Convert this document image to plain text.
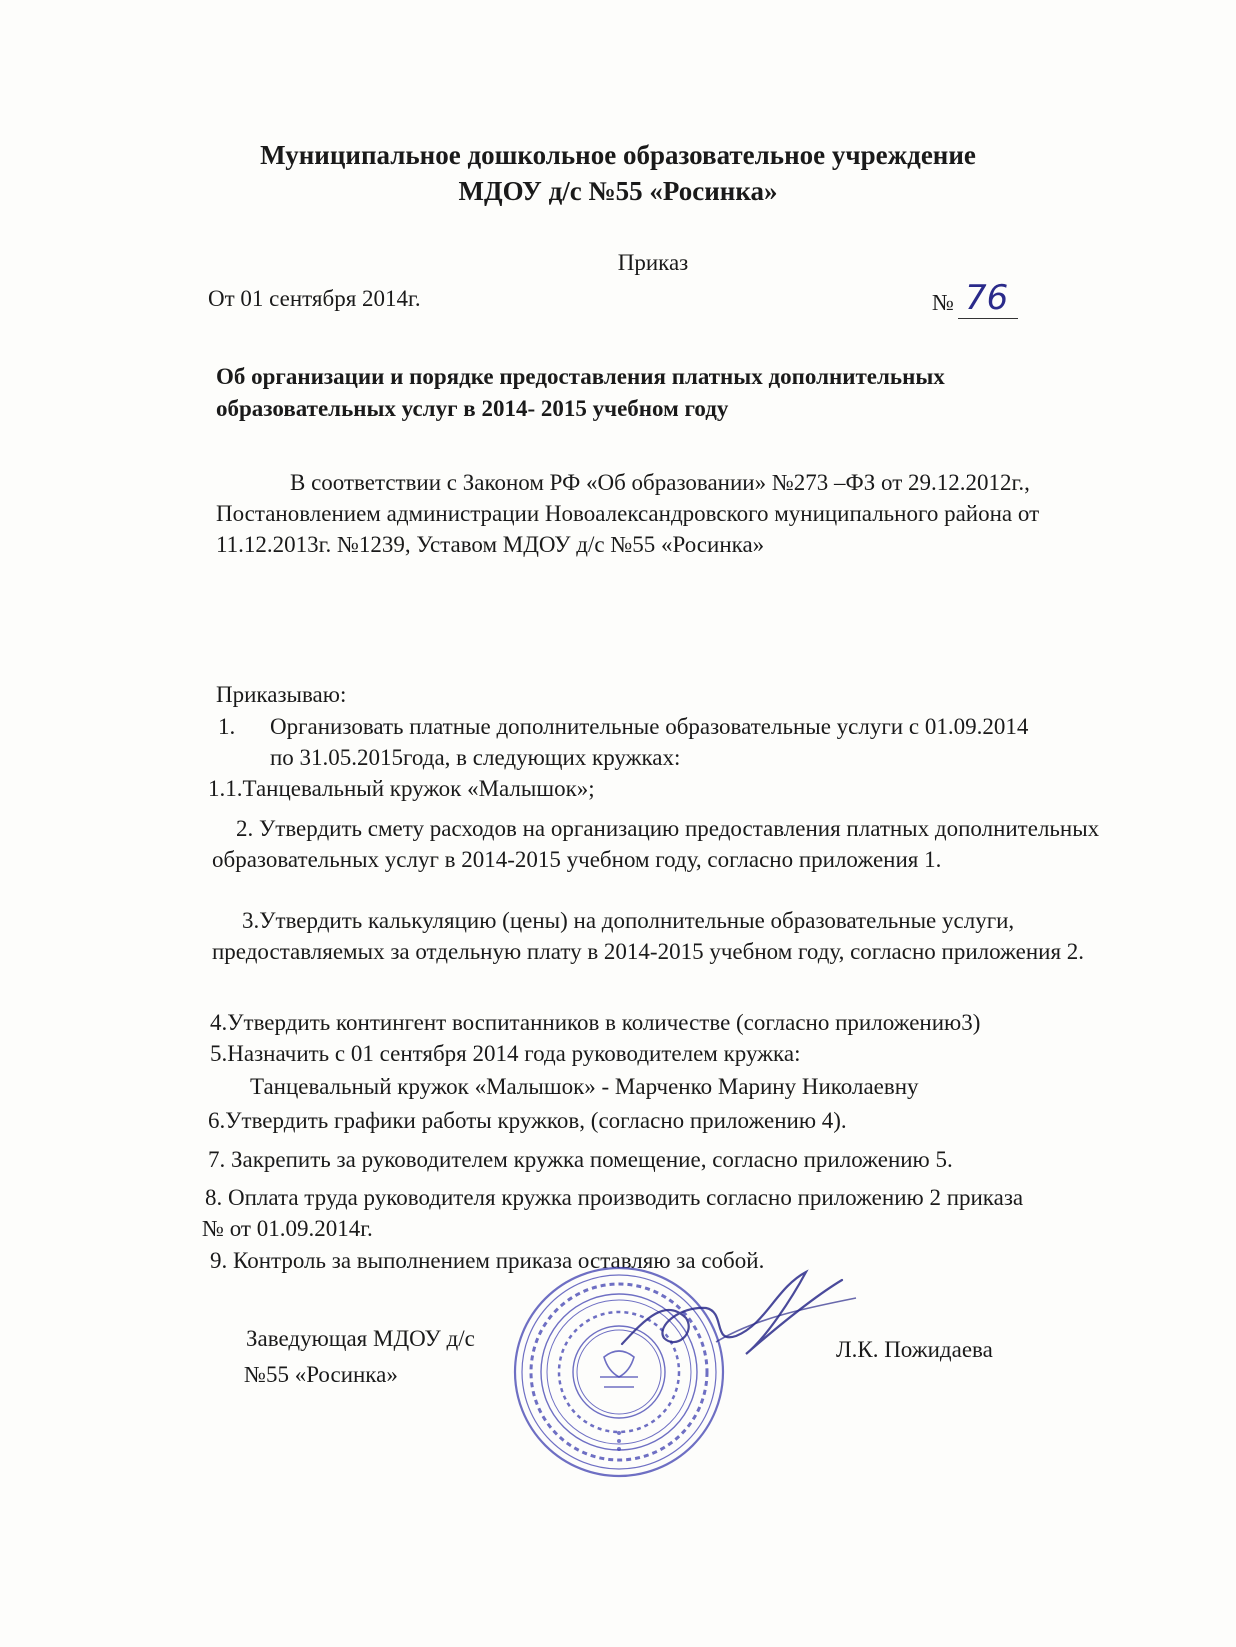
Муниципальное дошкольное образовательное учреждение
МДОУ д/с №55 «Росинка»
Приказ
От 01 сентября 2014г.	№ 76
Об организации и порядке предоставления платных дополнительных
образовательных услуг в 2014- 2015 учебном году
В соответствии с Законом РФ «Об образовании» №273 –ФЗ от 29.12.2012г.,
Постановлением администрации Новоалександровского муниципального района от
11.12.2013г. №1239, Уставом МДОУ д/с №55 «Росинка»
Приказываю:
1. Организовать платные дополнительные образовательные услуги с 01.09.2014
по 31.05.2015года, в следующих кружках:
1.1.Танцевальный кружок «Малышок»;
2. Утвердить смету расходов на организацию предоставления платных дополнительных
образовательных услуг в 2014-2015 учебном году, согласно приложения 1.
3.Утвердить калькуляцию (цены) на дополнительные образовательные услуги,
предоставляемых за отдельную плату в 2014-2015 учебном году, согласно приложения 2.
4.Утвердить контингент воспитанников в количестве (согласно приложению3)
5.Назначить с 01 сентября 2014 года руководителем кружка:
Танцевальный кружок «Малышок» - Марченко Марину Николаевну
6.Утвердить графики работы кружков, (согласно приложению 4).
7. Закрепить за руководителем кружка помещение, согласно приложению 5.
8. Оплата труда руководителя кружка производить согласно приложению 2 приказа
№ от 01.09.2014г.
9. Контроль за выполнением приказа оставляю за собой.
Заведующая МДОУ д/с
№55 «Росинка»
Л.К. Пожидаева
